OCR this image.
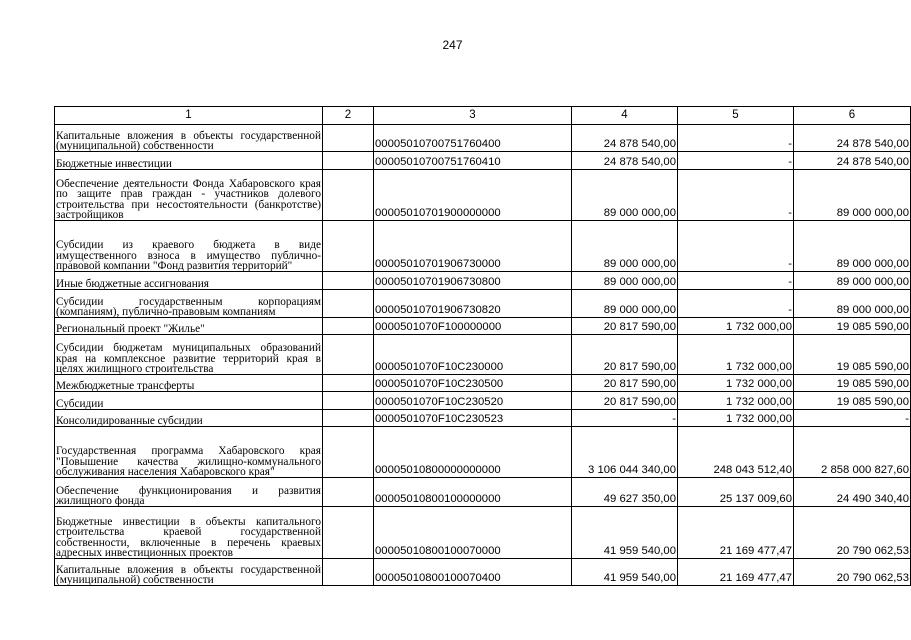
247
1	2	3	4	5	6
Капитальные вложения в объекты государственной (муниципальной) собственности		00005010700751760400	24 878 540,00	-	24 878 540,00
Бюджетные инвестиции		00005010700751760410	24 878 540,00	-	24 878 540,00
Обеспечение деятельности Фонда Хабаровского края по защите прав граждан - участников долевого строительства при несостоятельности (банкротстве) застройщиков		00005010701900000000	89 000 000,00	-	89 000 000,00
Субсидии из краевого бюджета в виде имущественного взноса в имущество публично-правовой компании "Фонд развития территорий"		00005010701906730000	89 000 000,00	-	89 000 000,00
Иные бюджетные ассигнования		00005010701906730800	89 000 000,00	-	89 000 000,00
Субсидии государственным корпорациям (компаниям), публично-правовым компаниям		00005010701906730820	89 000 000,00	-	89 000 000,00
Региональный проект "Жилье"		0000501070F100000000	20 817 590,00	1 732 000,00	19 085 590,00
Субсидии бюджетам муниципальных образований края на комплексное развитие территорий края в целях жилищного строительства		0000501070F10C230000	20 817 590,00	1 732 000,00	19 085 590,00
Межбюджетные трансферты		0000501070F10C230500	20 817 590,00	1 732 000,00	19 085 590,00
Субсидии		0000501070F10C230520	20 817 590,00	1 732 000,00	19 085 590,00
Консолидированные субсидии		0000501070F10C230523	-	1 732 000,00	-
Государственная программа Хабаровского края "Повышение качества жилищно-коммунального обслуживания населения Хабаровского края"		00005010800000000000	3 106 044 340,00	248 043 512,40	2 858 000 827,60
Обеспечение функционирования и развития жилищного фонда		00005010800100000000	49 627 350,00	25 137 009,60	24 490 340,40
Бюджетные инвестиции в объекты капитального строительства краевой государственной собственности, включенные в перечень краевых адресных инвестиционных проектов		00005010800100070000	41 959 540,00	21 169 477,47	20 790 062,53
Капитальные вложения в объекты государственной (муниципальной) собственности		00005010800100070400	41 959 540,00	21 169 477,47	20 790 062,53
